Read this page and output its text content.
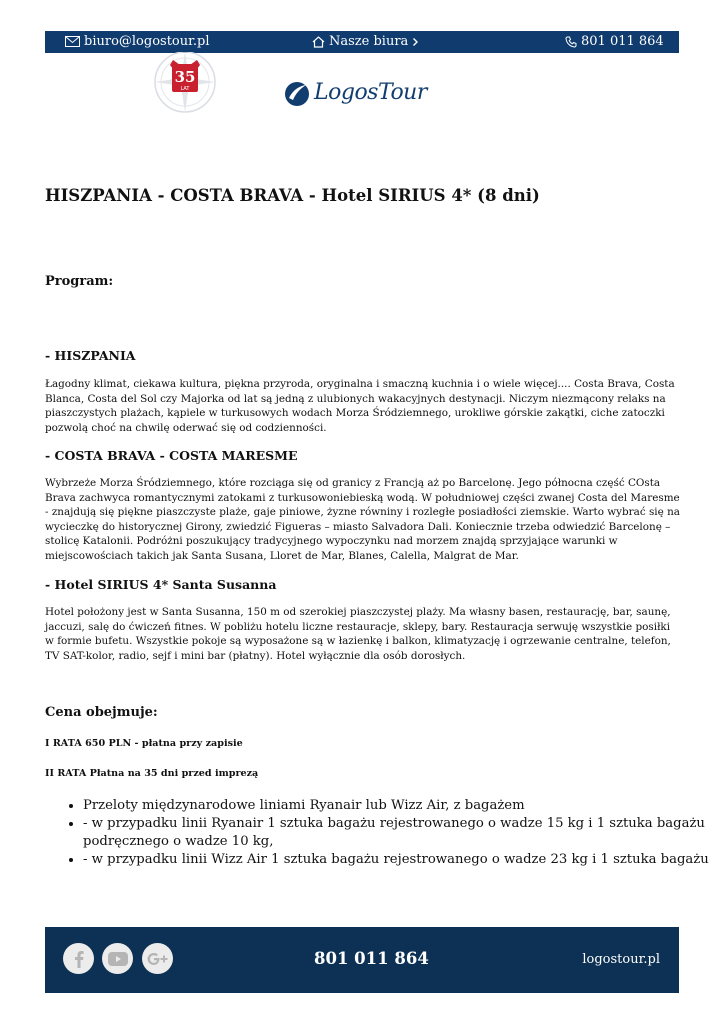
biuro@logostour.pl	Nasze biura	801 011 864
35
LAT	LogosTour
HISZPANIA - COSTA BRAVA - Hotel SIRIUS 4* (8 dni)
Program:
- HISZPANIA

Łagodny klimat, ciekawa kultura, piękna przyroda, oryginalna i smaczną kuchnia i o wiele więcej.... Costa Brava, Costa Blanca, Costa del Sol czy Majorka od lat są jedną z ulubionych wakacyjnych destynacji. Niczym niezmącony relaks na piaszczystych plażach, kąpiele w turkusowych wodach Morza Śródziemnego, urokliwe górskie zakątki, ciche zatoczki pozwolą choć na chwilę oderwać się od codzienności.

- COSTA BRAVA - COSTA MARESME

Wybrzeże Morza Śródziemnego, które rozciąga się od granicy z Francją aż po Barcelonę. Jego północna część COsta Brava zachwyca romantycznymi zatokami z turkusowoniebieską wodą. W południowej części zwanej Costa del Maresme - znajdują się piękne piaszczyste plaże, gaje piniowe, żyzne równiny i rozległe posiadłości ziemskie. Warto wybrać się na wycieczkę do historycznej Girony, zwiedzić Figueras – miasto Salvadora Dali. Koniecznie trzeba odwiedzić Barcelonę – stolicę Katalonii. Podróżni poszukujący tradycyjnego wypoczynku nad morzem znajdą sprzyjające warunki w miejscowościach takich jak Santa Susana, Lloret de Mar, Blanes, Calella, Malgrat de Mar.

- Hotel SIRIUS 4* Santa Susanna

Hotel położony jest w Santa Susanna, 150 m od szerokiej piaszczystej plaży. Ma własny basen, restaurację, bar, saunę, jaccuzi, salę do ćwiczeń fitnes. W pobliżu hotelu liczne restauracje, sklepy, bary. Restauracja serwuję wszystkie posiłki w formie bufetu. Wszystkie pokoje są wyposażone są w łazienkę i balkon, klimatyzację i ogrzewanie centralne, telefon, TV SAT-kolor, radio, sejf i mini bar (płatny). Hotel wyłącznie dla osób dorosłych.

Cena obejmuje:

I RATA 650 PLN - płatna przy zapisie

II RATA Płatna na 35 dni przed imprezą

• Przeloty międzynarodowe liniami Ryanair lub Wizz Air, z bagażem
• - w przypadku linii Ryanair 1 sztuka bagażu rejestrowanego o wadze 15 kg i 1 sztuka bagażu podręcznego o wadze 10 kg,
• - w przypadku linii Wizz Air 1 sztuka bagażu rejestrowanego o wadze 23 kg i 1 sztuka bagażu
801 011 864	logostour.pl
